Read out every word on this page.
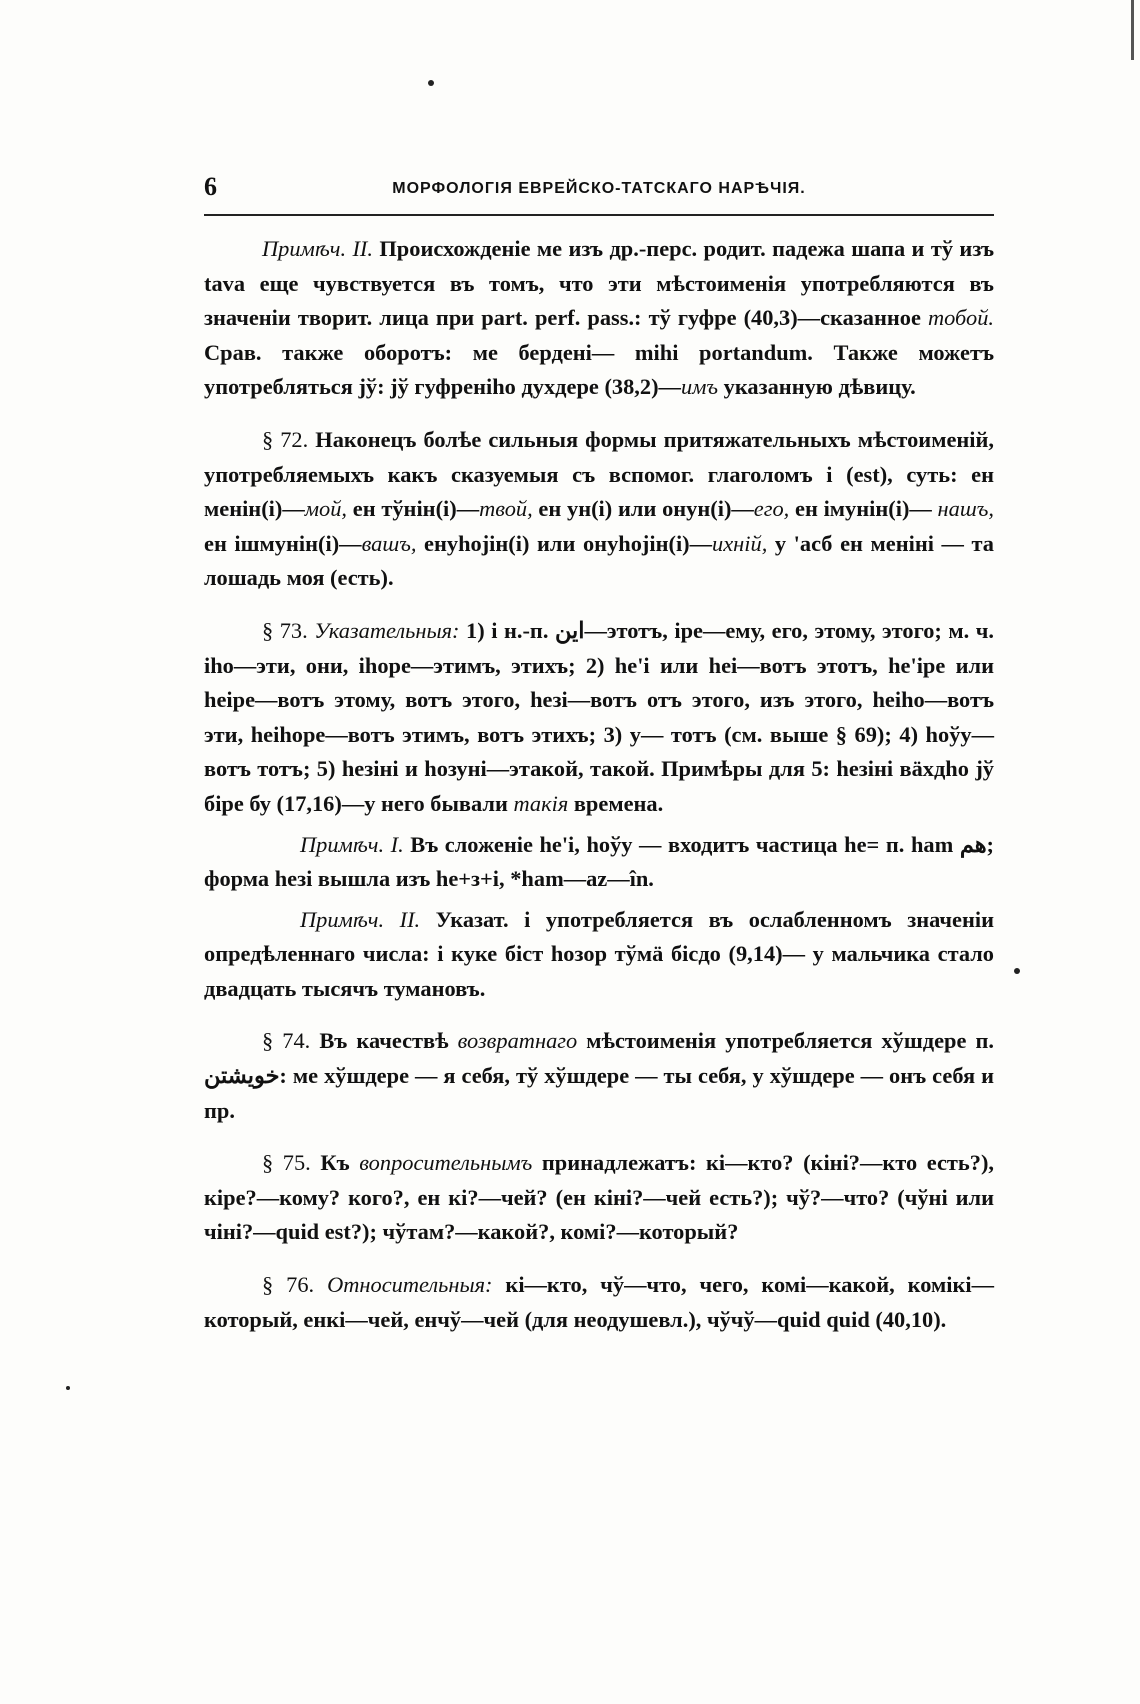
6	МОРФОЛОГІЯ ЕВРЕЙСКО-ТАТСКАГО НАРѢЧІЯ.

Примѣч. II. Происхожденіе ме изъ др.-перс. родит. падежа шапа и тў изъ tava еще чувствуется въ томъ, что эти мѣстоименія употребляются въ значеніи творит. лица при part. perf. pass.: тў гуфре (40,3)—сказанное тобой. Срав. также оборотъ: ме бердені— mihi portandum. Также можетъ употребляться jў: jў гуфреніhо духдере (38,2)—имъ указанную дѣвицу.

§ 72. Наконецъ болѣе сильныя формы притяжательныхъ мѣстоименій, употребляемыхъ какъ сказуемыя съ вспомог. глаголомъ і (est), суть: ен менін(і)—мой, ен тўнін(і)—твой, ен ун(і) или онун(і)—его, ен імунін(і)— нашъ, ен ішмунін(і)—вашъ, енуhојін(і) или онуhојін(і)—ихній, у 'асб ен меніні — та лошадь моя (есть).

§ 73. Указательныя: 1) і н.-п. این—этотъ, іре—ему, его, этому, этого; м. ч. іhо—эти, они, іhоре—этимъ, этихъ; 2) hе'і или hеі—вотъ этотъ, hе'іре или hеіре—вотъ этому, вотъ этого, hезі—вотъ отъ этого, изъ этого, hеіhо—вотъ эти, hеіhоре—вотъ этимъ, вотъ этихъ; 3) у— тотъ (см. выше § 69); 4) hоўу—вотъ тотъ; 5) hезіні и hозуні—этакой, такой. Примѣры для 5: hезіні вäхдhо jў біре бу (17,16)—у него бывали такія времена.

Примѣч. I. Въ сложеніе hе'і, hоўу — входитъ частица hе= п. ham هم; форма hезі вышла изъ hе+з+і, *ham—az—în.

Примѣч. II. Указат. і употребляется въ ослабленномъ значеніи опредѣленнаго числа: і куке біст hозор тўмä бісдо (9,14)— у мальчика стало двадцать тысячъ тумановъ.

§ 74. Въ качествѣ возвратнаго мѣстоименія употребляется хўшдере п. خویشتن: ме хўшдере — я себя, тў хўшдере — ты себя, у хўшдере — онъ себя и пр.

§ 75. Къ вопросительнымъ принадлежатъ: кі—кто? (кіні?—кто есть?), кіре?—кому? кого?, ен кі?—чей? (ен кіні?—чей есть?); чў?—что? (чўні или чіні?—quid est?); чўтам?—какой?, комі?—который?

§ 76. Относительныя: кі—кто, чў—что, чего, комі—какой, комікі—который, енкі—чей, енчў—чей (для неодушевл.), чўчў—quid quid (40,10).
